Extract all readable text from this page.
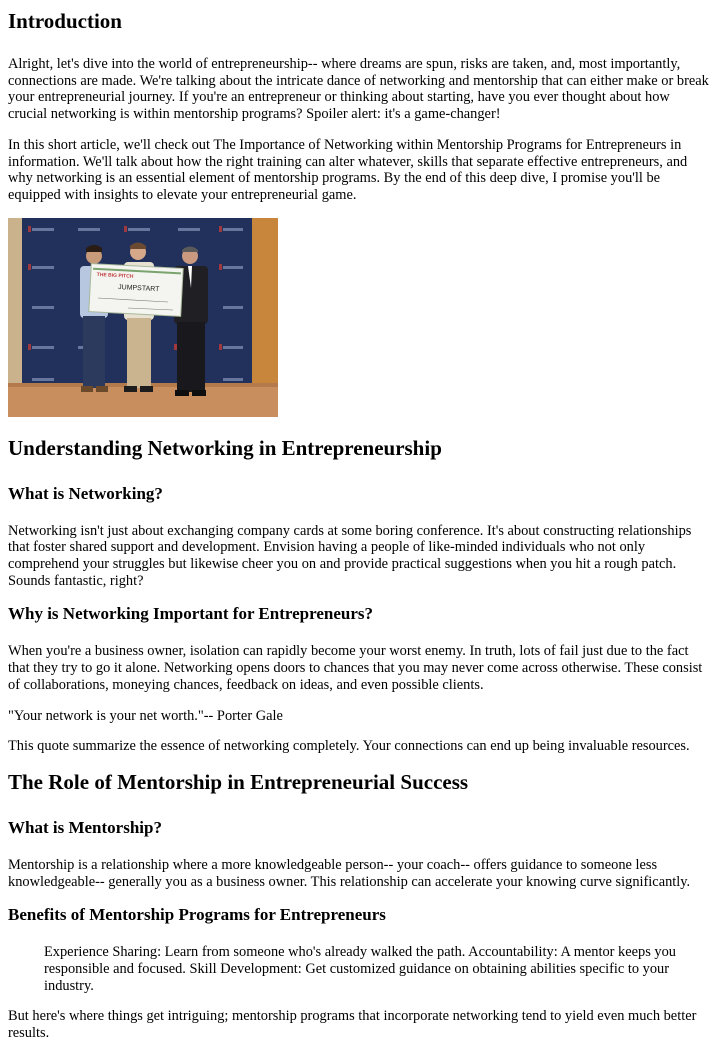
Introduction

Alright, let's dive into the world of entrepreneurship-- where dreams are spun, risks are taken, and, most importantly, connections are made. We're talking about the intricate dance of networking and mentorship that can either make or break your entrepreneurial journey. If you're an entrepreneur or thinking about starting, have you ever thought about how crucial networking is within mentorship programs? Spoiler alert: it's a game-changer!

In this short article, we'll check out The Importance of Networking within Mentorship Programs for Entrepreneurs in information. We'll talk about how the right training can alter whatever, skills that separate effective entrepreneurs, and why networking is an essential element of mentorship programs. By the end of this deep dive, I promise you'll be equipped with insights to elevate your entrepreneurial game.

THE BIG PITCH
JUMPSTART
Understanding Networking in Entrepreneurship
What is Networking?

Networking isn't just about exchanging company cards at some boring conference. It's about constructing relationships that foster shared support and development. Envision having a people of like-minded individuals who not only comprehend your struggles but likewise cheer you on and provide practical suggestions when you hit a rough patch. Sounds fantastic, right?

Why is Networking Important for Entrepreneurs?

When you're a business owner, isolation can rapidly become your worst enemy. In truth, lots of fail just due to the fact that they try to go it alone. Networking opens doors to chances that you may never come across otherwise. These consist of collaborations, moneying chances, feedback on ideas, and even possible clients.

"Your network is your net worth."-- Porter Gale

This quote summarize the essence of networking completely. Your connections can end up being invaluable resources.

The Role of Mentorship in Entrepreneurial Success
What is Mentorship?

Mentorship is a relationship where a more knowledgeable person-- your coach-- offers guidance to someone less knowledgeable-- generally you as a business owner. This relationship can accelerate your knowing curve significantly.

Benefits of Mentorship Programs for Entrepreneurs
Experience Sharing: Learn from someone who's already walked the path. Accountability: A mentor keeps you responsible and focused. Skill Development: Get customized guidance on obtaining abilities specific to your industry.

But here's where things get intriguing; mentorship programs that incorporate networking tend to yield even much better results.
